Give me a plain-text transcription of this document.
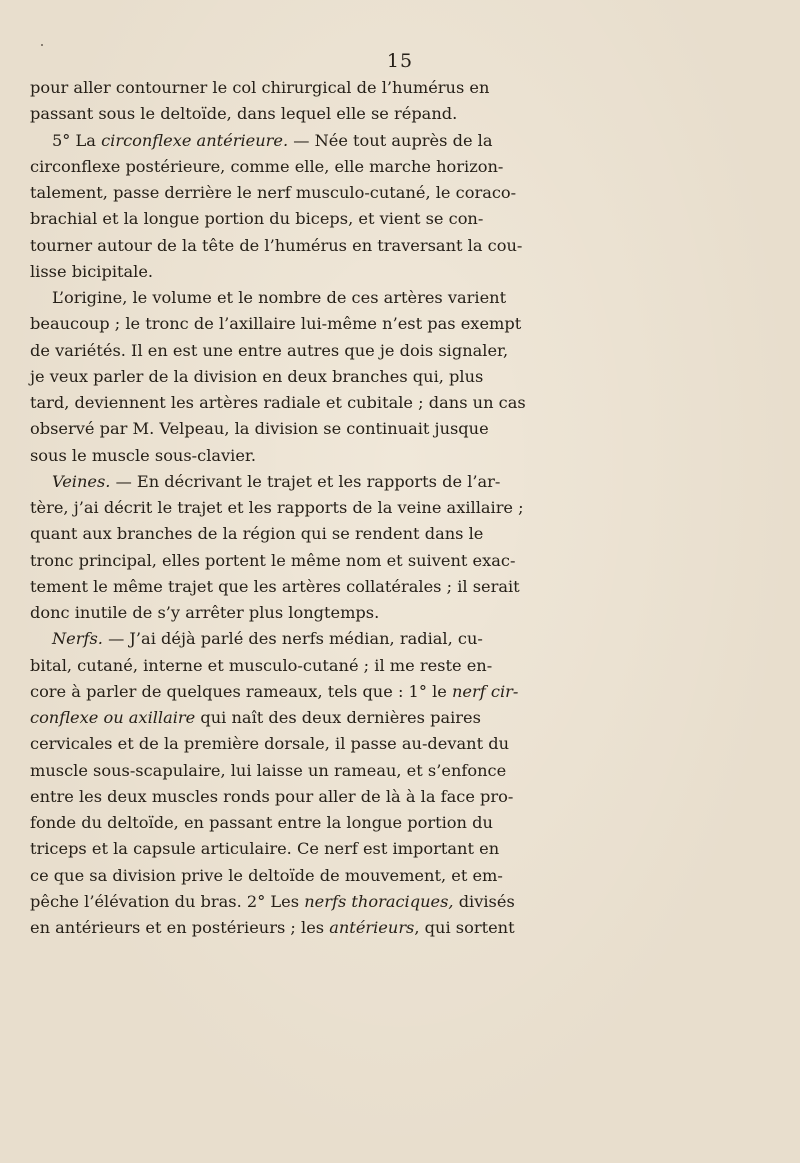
15
pour aller contourner le col chirurgical de l’humérus en
passant sous le deltoïde, dans lequel elle se répand.
5° La circonflexe antérieure. — Née tout auprès de la
circonflexe postérieure, comme elle, elle marche horizon-
talement, passe derrière le nerf musculo-cutané, le coraco-
brachial et la longue portion du biceps, et vient se con-
tourner autour de la tête de l’humérus en traversant la cou-
lisse bicipitale.
L’origine, le volume et le nombre de ces artères varient
beaucoup ; le tronc de l’axillaire lui-même n’est pas exempt
de variétés. Il en est une entre autres que je dois signaler,
je veux parler de la division en deux branches qui, plus
tard, deviennent les artères radiale et cubitale ; dans un cas
observé par M. Velpeau, la division se continuait jusque
sous le muscle sous-clavier.
Veines. — En décrivant le trajet et les rapports de l’ar-
tère, j’ai décrit le trajet et les rapports de la veine axillaire ;
quant aux branches de la région qui se rendent dans le
tronc principal, elles portent le même nom et suivent exac-
tement le même trajet que les artères collatérales ; il serait
donc inutile de s’y arrêter plus longtemps.
Nerfs. — J’ai déjà parlé des nerfs médian, radial, cu-
bital, cutané, interne et musculo-cutané ; il me reste en-
core à parler de quelques rameaux, tels que : 1° le nerf cir-
conflexe ou axillaire qui naît des deux dernières paires
cervicales et de la première dorsale, il passe au-devant du
muscle sous-scapulaire, lui laisse un rameau, et s’enfonce
entre les deux muscles ronds pour aller de là à la face pro-
fonde du deltoïde, en passant entre la longue portion du
triceps et la capsule articulaire. Ce nerf est important en
ce que sa division prive le deltoïde de mouvement, et em-
pêche l’élévation du bras. 2° Les nerfs thoraciques, divisés
en antérieurs et en postérieurs ; les antérieurs, qui sortent
